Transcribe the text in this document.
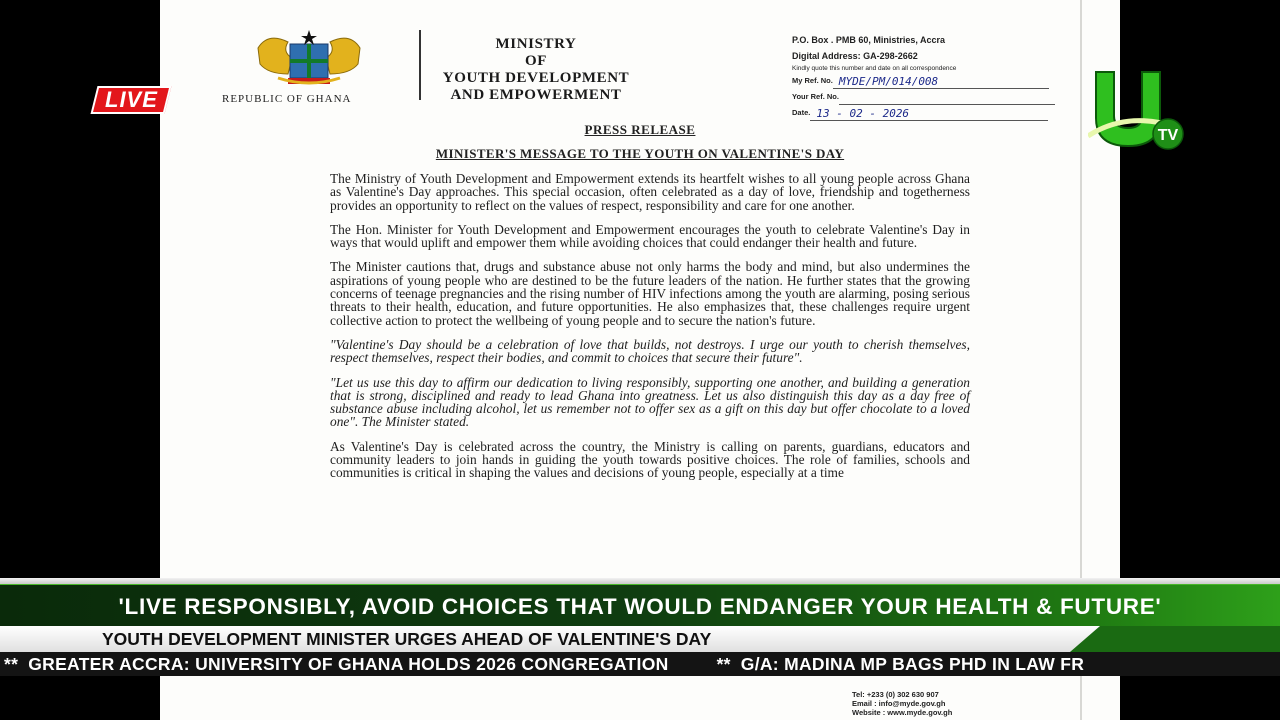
REPUBLIC OF GHANA
MINISTRY
OF
YOUTH DEVELOPMENT
AND EMPOWERMENT
P.O. Box . PMB 60, Ministries, Accra
Digital Address: GA-298-2662
Kindly quote this number and date on all correspondence
My Ref. No. MYDE/PM/014/008
Your Ref. No.
Date. 13 - 02 - 2026
PRESS RELEASE
MINISTER'S MESSAGE TO THE YOUTH ON VALENTINE'S DAY

The Ministry of Youth Development and Empowerment extends its heartfelt wishes to all young people across Ghana as Valentine's Day approaches. This special occasion, often celebrated as a day of love, friendship and togetherness provides an opportunity to reflect on the values of respect, responsibility and care for one another.

The Hon. Minister for Youth Development and Empowerment encourages the youth to celebrate Valentine's Day in ways that would uplift and empower them while avoiding choices that could endanger their health and future.

The Minister cautions that, drugs and substance abuse not only harms the body and mind, but also undermines the aspirations of young people who are destined to be the future leaders of the nation. He further states that the growing concerns of teenage pregnancies and the rising number of HIV infections among the youth are alarming, posing serious threats to their health, education, and future opportunities. He also emphasizes that, these challenges require urgent collective action to protect the wellbeing of young people and to secure the nation's future.

"Valentine's Day should be a celebration of love that builds, not destroys. I urge our youth to cherish themselves, respect themselves, respect their bodies, and commit to choices that secure their future".

"Let us use this day to affirm our dedication to living responsibly, supporting one another, and building a generation that is strong, disciplined and ready to lead Ghana into greatness. Let us also distinguish this day as a day free of substance abuse including alcohol, let us remember not to offer sex as a gift on this day but offer chocolate to a loved one". The Minister stated.

As Valentine's Day is celebrated across the country, the Ministry is calling on parents, guardians, educators and community leaders to join hands in guiding the youth towards positive choices. The role of families, schools and communities is critical in shaping the values and decisions of young people, especially at a time

Tel: +233 (0) 302 630 907
Email : info@myde.gov.gh
Website : www.myde.gov.gh
LIVE
TV
'LIVE RESPONSIBLY, AVOID CHOICES THAT WOULD ENDANGER YOUR HEALTH & FUTURE'
YOUTH DEVELOPMENT MINISTER URGES AHEAD OF VALENTINE'S DAY
** GREATER ACCRA: UNIVERSITY OF GHANA HOLDS 2026 CONGREGATION	** G/A: MADINA MP BAGS PHD IN LAW FR
